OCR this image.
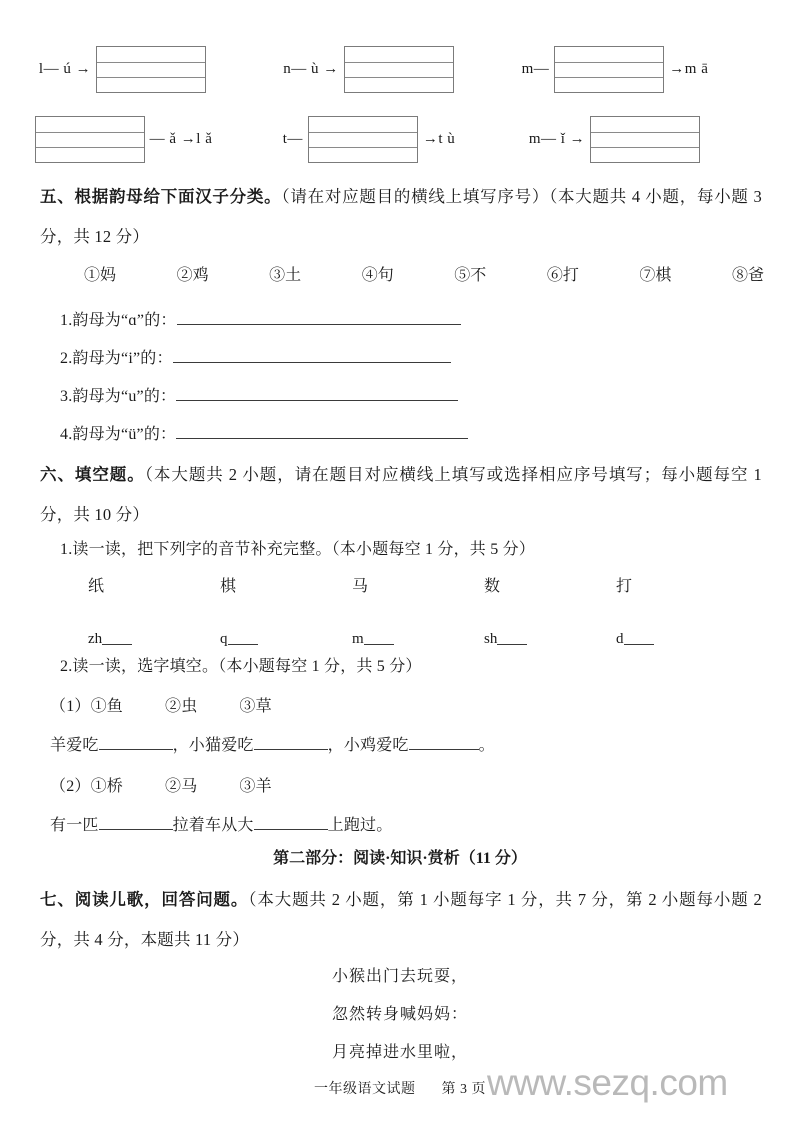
l— ú →	n— ù →	m—	→m ā
— ǎ →l ǎ	t—	→t ù	m— ǐ →
五、根据韵母给下面汉子分类。（请在对应题目的横线上填写序号）（本大题共 4 小题，每小题 3 分，共 12 分）
①妈	②鸡	③土	④句	⑤不	⑥打	⑦棋	⑧爸
1.韵母为“ɑ”的：
2.韵母为“i”的：
3.韵母为“u”的：
4.韵母为“ü”的：
六、填空题。（本大题共 2 小题，请在题目对应横线上填写或选择相应序号填写；每小题每空 1 分，共 10 分）
1.读一读，把下列字的音节补充完整。（本小题每空 1 分，共 5 分）
纸	棋	马	数	打
zh	q	m	sh	d
2.读一读，选字填空。（本小题每空 1 分，共 5 分）
（1）①鱼	②虫	③草
羊爱吃	，小猫爱吃	，小鸡爱吃	。
（2）①桥	②马	③羊
有一匹	拉着车从大	上跑过。
第二部分：阅读·知识·赏析（11 分）
七、阅读儿歌，回答问题。（本大题共 2 小题，第 1 小题每字 1 分，共 7 分，第 2 小题每小题 2 分，共 4 分，本题共 11 分）
小猴出门去玩耍，
忽然转身喊妈妈：
月亮掉进水里啦，
www.sezq.com
一年级语文试题 第 3 页
